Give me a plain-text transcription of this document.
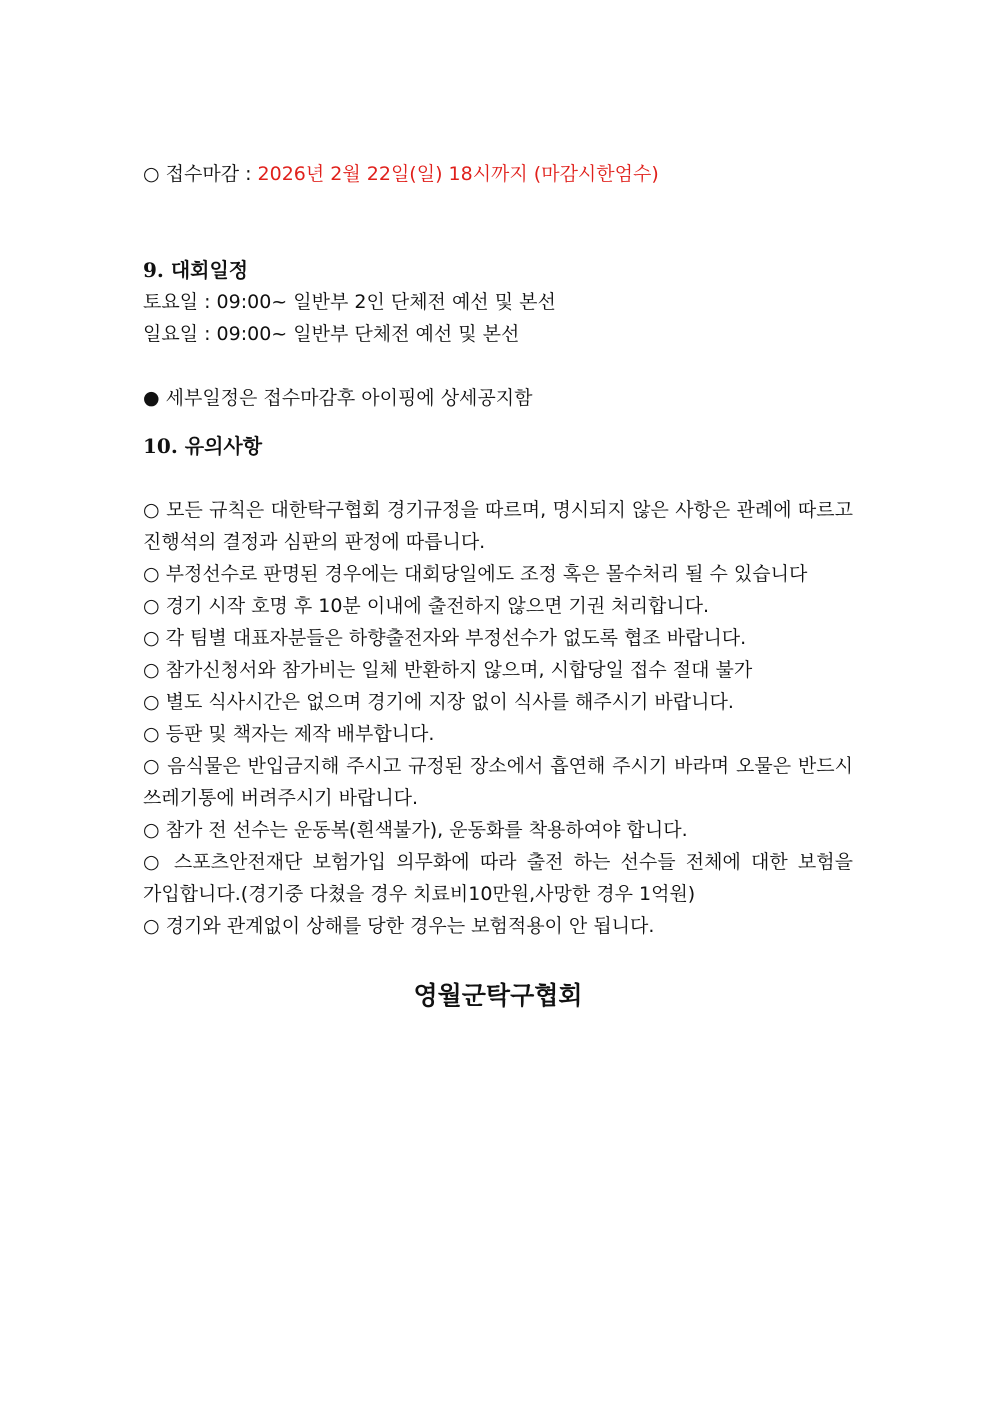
○ 접수마감 : 2026년 2월 22일(일) 18시까지 (마감시한엄수)
9. 대회일정
토요일 : 09:00~ 일반부 2인 단체전 예선 및 본선
일요일 : 09:00~ 일반부 단체전 예선 및 본선
● 세부일정은 접수마감후 아이핑에 상세공지함
10. 유의사항
○ 모든 규칙은 대한탁구협회 경기규정을 따르며, 명시되지 않은 사항은 관례에 따르고 진행석의 결정과 심판의 판정에 따릅니다.
○ 부정선수로 판명된 경우에는 대회당일에도 조정 혹은 몰수처리 될 수 있습니다
○ 경기 시작 호명 후 10분 이내에 출전하지 않으면 기권 처리합니다.
○ 각 팀별 대표자분들은 하향출전자와 부정선수가 없도록 협조 바랍니다.
○ 참가신청서와 참가비는 일체 반환하지 않으며, 시합당일 접수 절대 불가
○ 별도 식사시간은 없으며 경기에 지장 없이 식사를 해주시기 바랍니다.
○ 등판 및 책자는 제작 배부합니다.
○ 음식물은 반입금지해 주시고 규정된 장소에서 흡연해 주시기 바라며 오물은 반드시 쓰레기통에 버려주시기 바랍니다.
○ 참가 전 선수는 운동복(흰색불가), 운동화를 착용하여야 합니다.
○ 스포츠안전재단 보험가입 의무화에 따라 출전 하는 선수들 전체에 대한 보험을 가입합니다.(경기중 다쳤을 경우 치료비10만원,사망한 경우 1억원)
○ 경기와 관계없이 상해를 당한 경우는 보험적용이 안 됩니다.
영월군탁구협회
